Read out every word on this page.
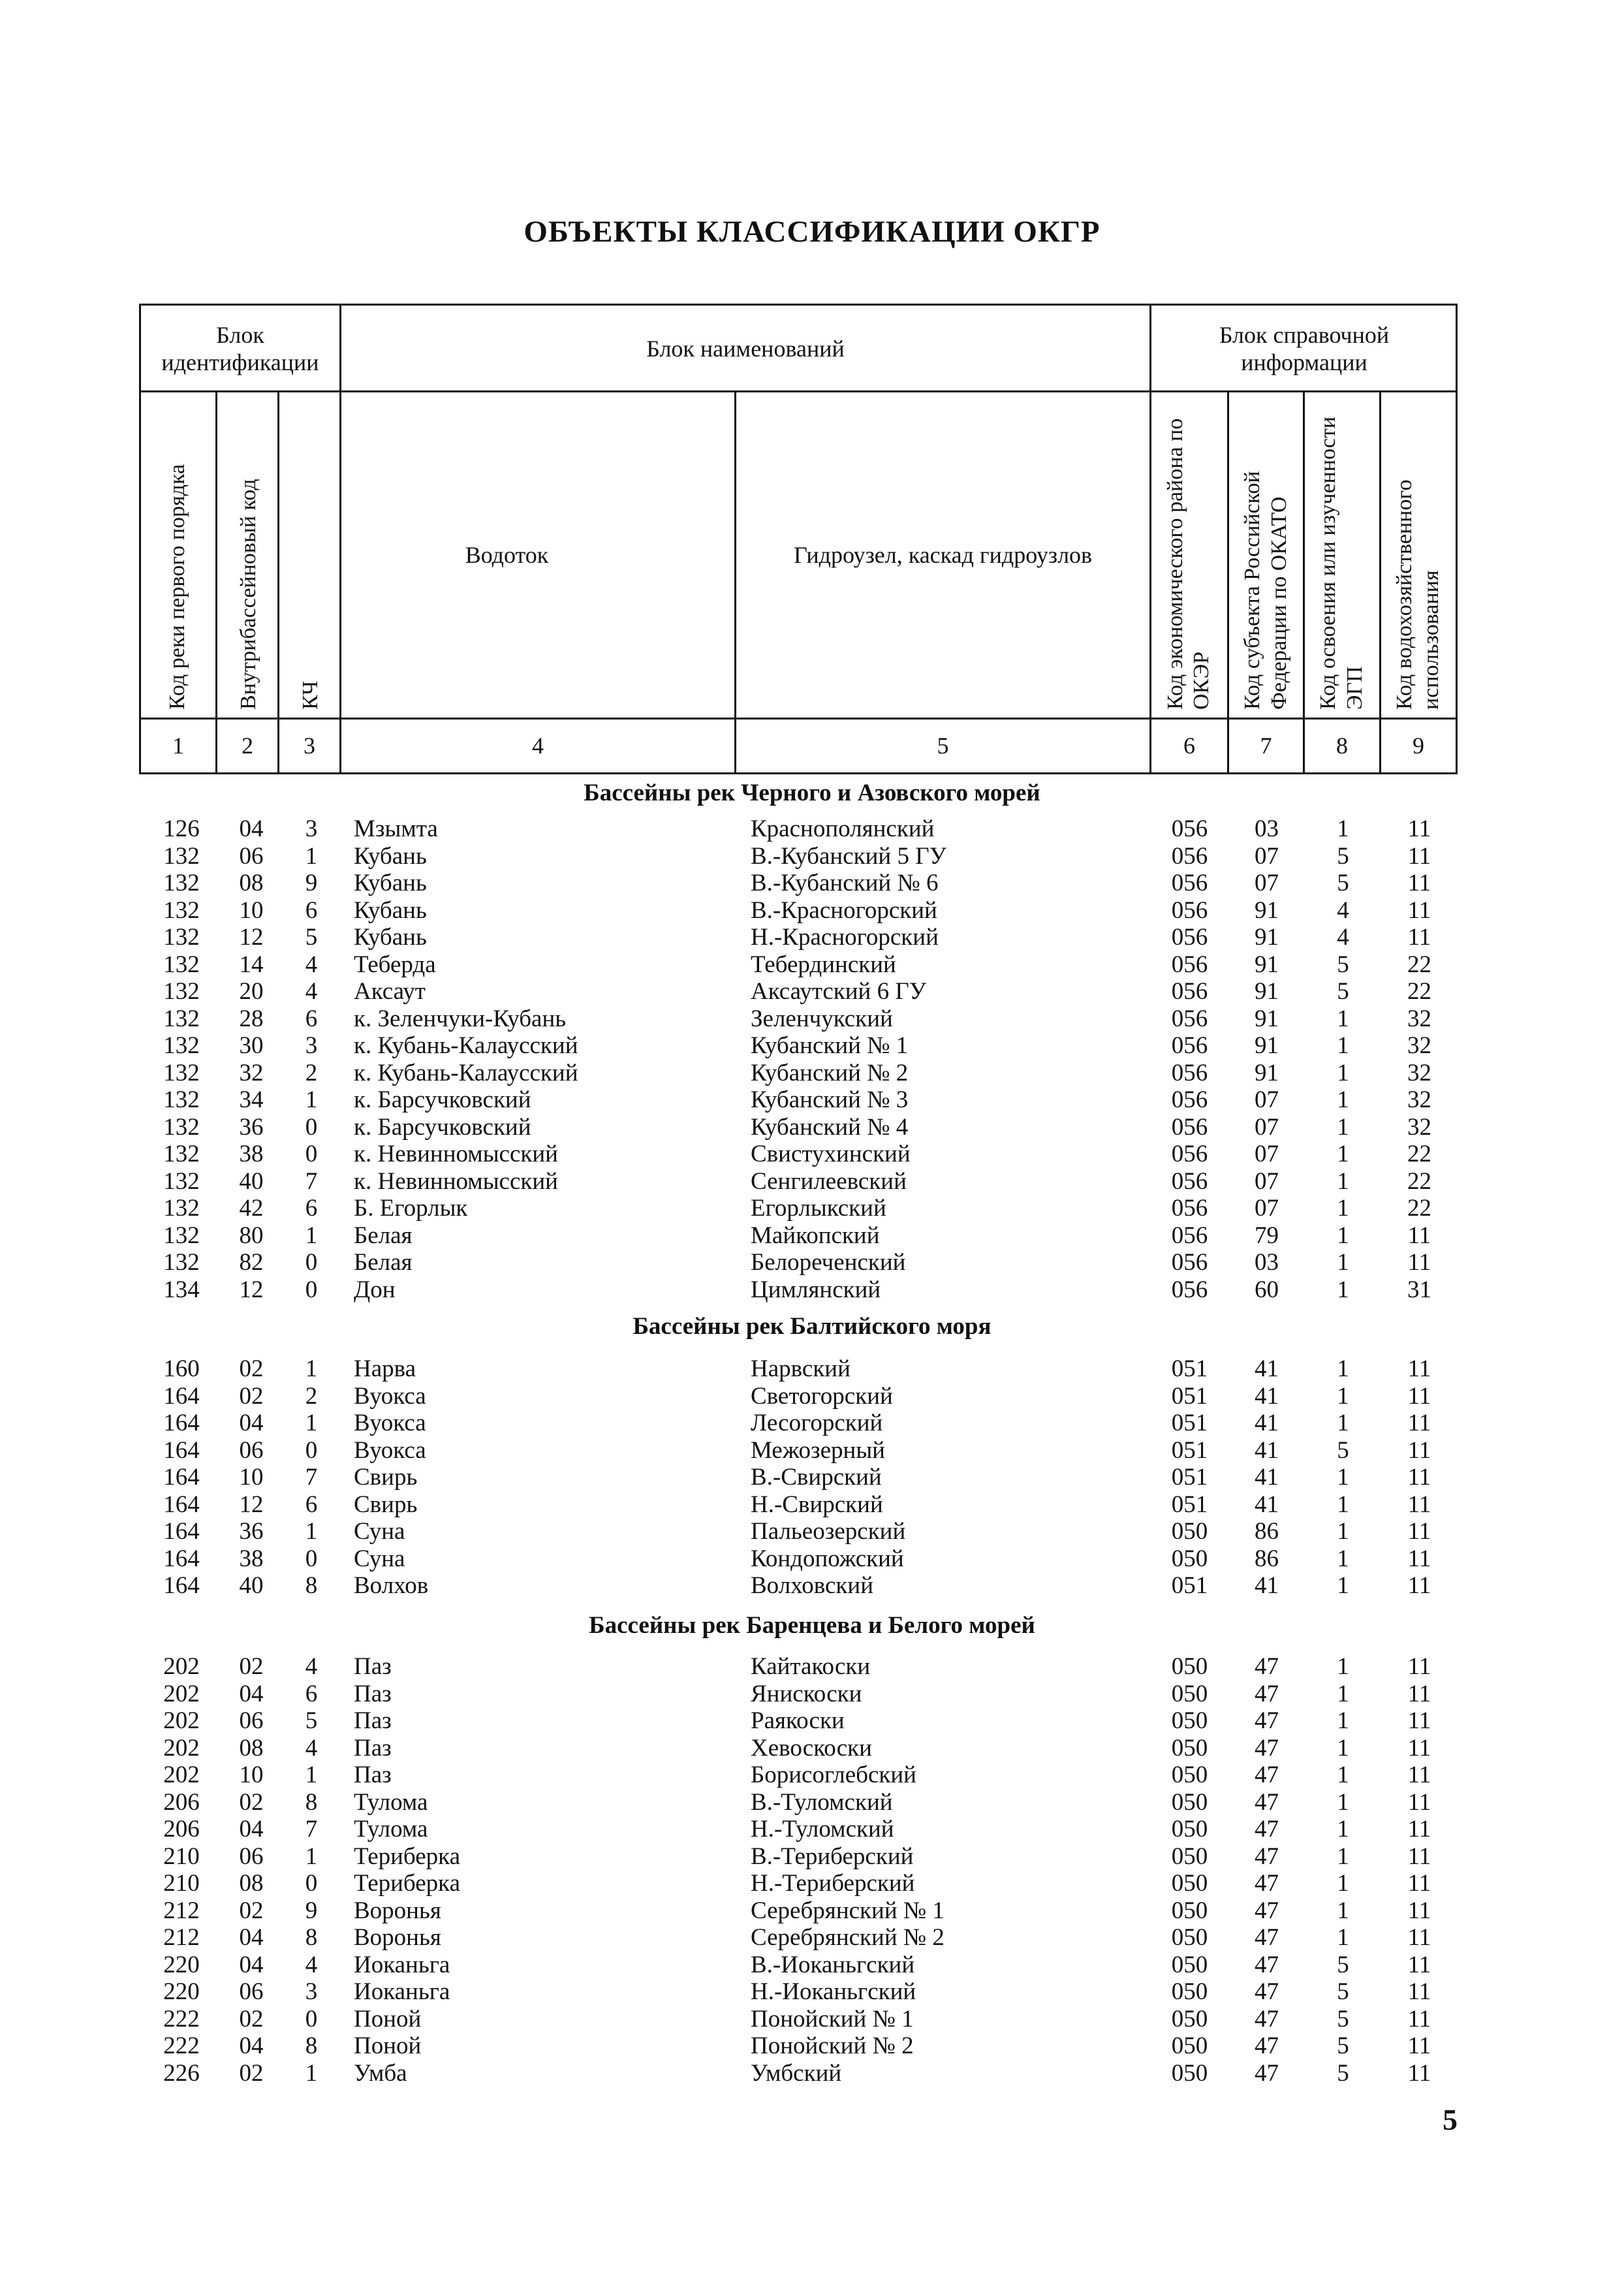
ОБЪЕКТЫ КЛАССИФИКАЦИИ ОКГР
Блок идентификации
Блок наименований
Блок справочной информации
Водоток	Гидроузел, каскад гидроузлов
Код реки первого порядка	Внутрибассейновый код	КЧ	Код экономического района по ОКЭР	Код субъекта Российской Федерации по ОКАТО	Код освоения или изученности ЭГП	Код водохозяйственного использования
1	2	3	4	5	6	7	8	9
Бассейны рек Черного и Азовского морей
126	04	3	Мзымта	Краснополянский	056	03	1	11
132	06	1	Кубань	В.-Кубанский 5 ГУ	056	07	5	11
132	08	9	Кубань	В.-Кубанский № 6	056	07	5	11
132	10	6	Кубань	В.-Красногорский	056	91	4	11
132	12	5	Кубань	Н.-Красногорский	056	91	4	11
132	14	4	Теберда	Тебердинский	056	91	5	22
132	20	4	Аксаут	Аксаутский 6 ГУ	056	91	5	22
132	28	6	к. Зеленчуки-Кубань	Зеленчукский	056	91	1	32
132	30	3	к. Кубань-Калаусский	Кубанский № 1	056	91	1	32
132	32	2	к. Кубань-Калаусский	Кубанский № 2	056	91	1	32
132	34	1	к. Барсучковский	Кубанский № 3	056	07	1	32
132	36	0	к. Барсучковский	Кубанский № 4	056	07	1	32
132	38	0	к. Невинномысский	Свистухинский	056	07	1	22
132	40	7	к. Невинномысский	Сенгилеевский	056	07	1	22
132	42	6	Б. Егорлык	Егорлыкский	056	07	1	22
132	80	1	Белая	Майкопский	056	79	1	11
132	82	0	Белая	Белореченский	056	03	1	11
134	12	0	Дон	Цимлянский	056	60	1	31
Бассейны рек Балтийского моря
160	02	1	Нарва	Нарвский	051	41	1	11
164	02	2	Вуокса	Светогорский	051	41	1	11
164	04	1	Вуокса	Лесогорский	051	41	1	11
164	06	0	Вуокса	Межозерный	051	41	5	11
164	10	7	Свирь	В.-Свирский	051	41	1	11
164	12	6	Свирь	Н.-Свирский	051	41	1	11
164	36	1	Суна	Пальеозерский	050	86	1	11
164	38	0	Суна	Кондопожский	050	86	1	11
164	40	8	Волхов	Волховский	051	41	1	11
Бассейны рек Баренцева и Белого морей
202	02	4	Паз	Кайтакоски	050	47	1	11
202	04	6	Паз	Янискоски	050	47	1	11
202	06	5	Паз	Раякоски	050	47	1	11
202	08	4	Паз	Хевоскоски	050	47	1	11
202	10	1	Паз	Борисоглебский	050	47	1	11
206	02	8	Тулома	В.-Туломский	050	47	1	11
206	04	7	Тулома	Н.-Туломский	050	47	1	11
210	06	1	Териберка	В.-Териберский	050	47	1	11
210	08	0	Териберка	Н.-Териберский	050	47	1	11
212	02	9	Воронья	Серебрянский № 1	050	47	1	11
212	04	8	Воронья	Серебрянский № 2	050	47	1	11
220	04	4	Иоканьга	В.-Иоканьгский	050	47	5	11
220	06	3	Иоканьга	Н.-Иоканьгский	050	47	5	11
222	02	0	Поной	Понойский № 1	050	47	5	11
222	04	8	Поной	Понойский № 2	050	47	5	11
226	02	1	Умба	Умбский	050	47	5	11
5
